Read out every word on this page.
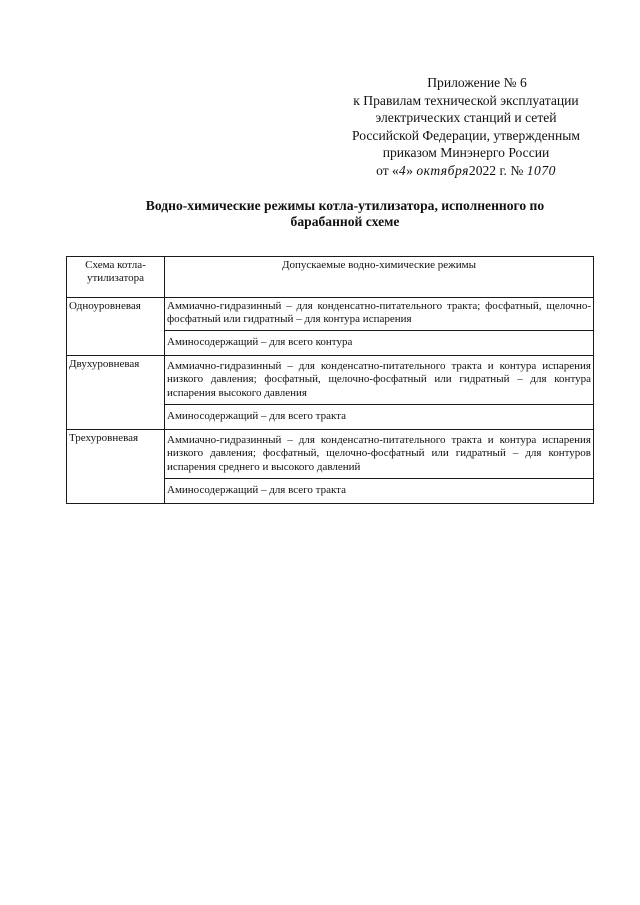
Приложение № 6
к Правилам технической эксплуатации
электрических станций и сетей
Российской Федерации, утвержденным
приказом Минэнерго России
от «4» октября2022 г. № 1070
Водно-химические режимы котла-утилизатора, исполненного по
барабанной схеме
Схема котла-утилизатора	Допускаемые водно-химические режимы
Одноуровневая	Аммиачно-гидразинный – для конденсатно-питательного тракта; фосфатный, щелочно-фосфатный или гидратный – для контура испарения
	Аминосодержащий – для всего контура
Двухуровневая	Аммиачно-гидразинный – для конденсатно-питательного тракта и контура испарения низкого давления; фосфатный, щелочно-фосфатный или гидратный – для контура испарения высокого давления
	Аминосодержащий – для всего тракта
Трехуровневая	Аммиачно-гидразинный – для конденсатно-питательного тракта и контура испарения низкого давления; фосфатный, щелочно-фосфатный или гидратный – для контуров испарения среднего и высокого давлений
	Аминосодержащий – для всего тракта
